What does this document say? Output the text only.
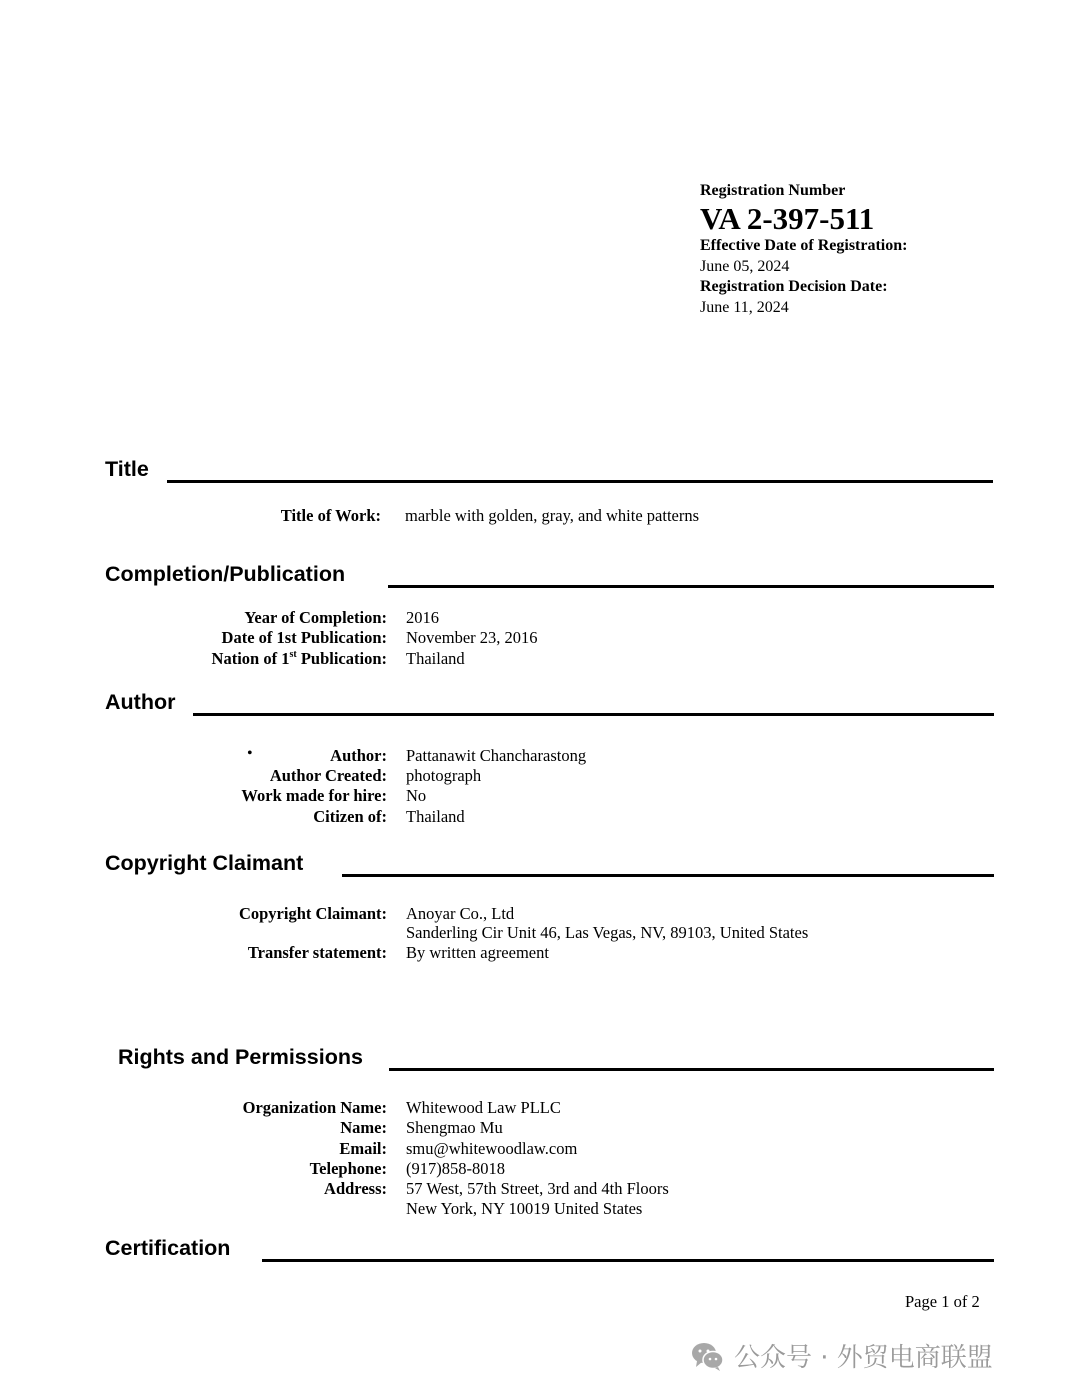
Registration Number
VA 2-397-511
Effective Date of Registration:
June 05, 2024
Registration Decision Date:
June 11, 2024
Title
Title of Work: marble with golden, gray, and white patterns
Completion/Publication
Year of Completion: 2016
Date of 1st Publication: November 23, 2016
Nation of 1st Publication: Thailand
Author
•	Author: Pattanawit Chancharastong
Author Created: photograph
Work made for hire: No
Citizen of: Thailand
Copyright Claimant
Copyright Claimant: Anoyar Co., Ltd
Sanderling Cir Unit 46, Las Vegas, NV, 89103, United States
Transfer statement: By written agreement
Rights and Permissions
Organization Name: Whitewood Law PLLC
Name: Shengmao Mu
Email: smu@whitewoodlaw.com
Telephone: (917)858-8018
Address: 57 West, 57th Street, 3rd and 4th Floors
New York, NY 10019 United States
Certification
Page 1 of 2
公众号 · 外贸电商联盟
